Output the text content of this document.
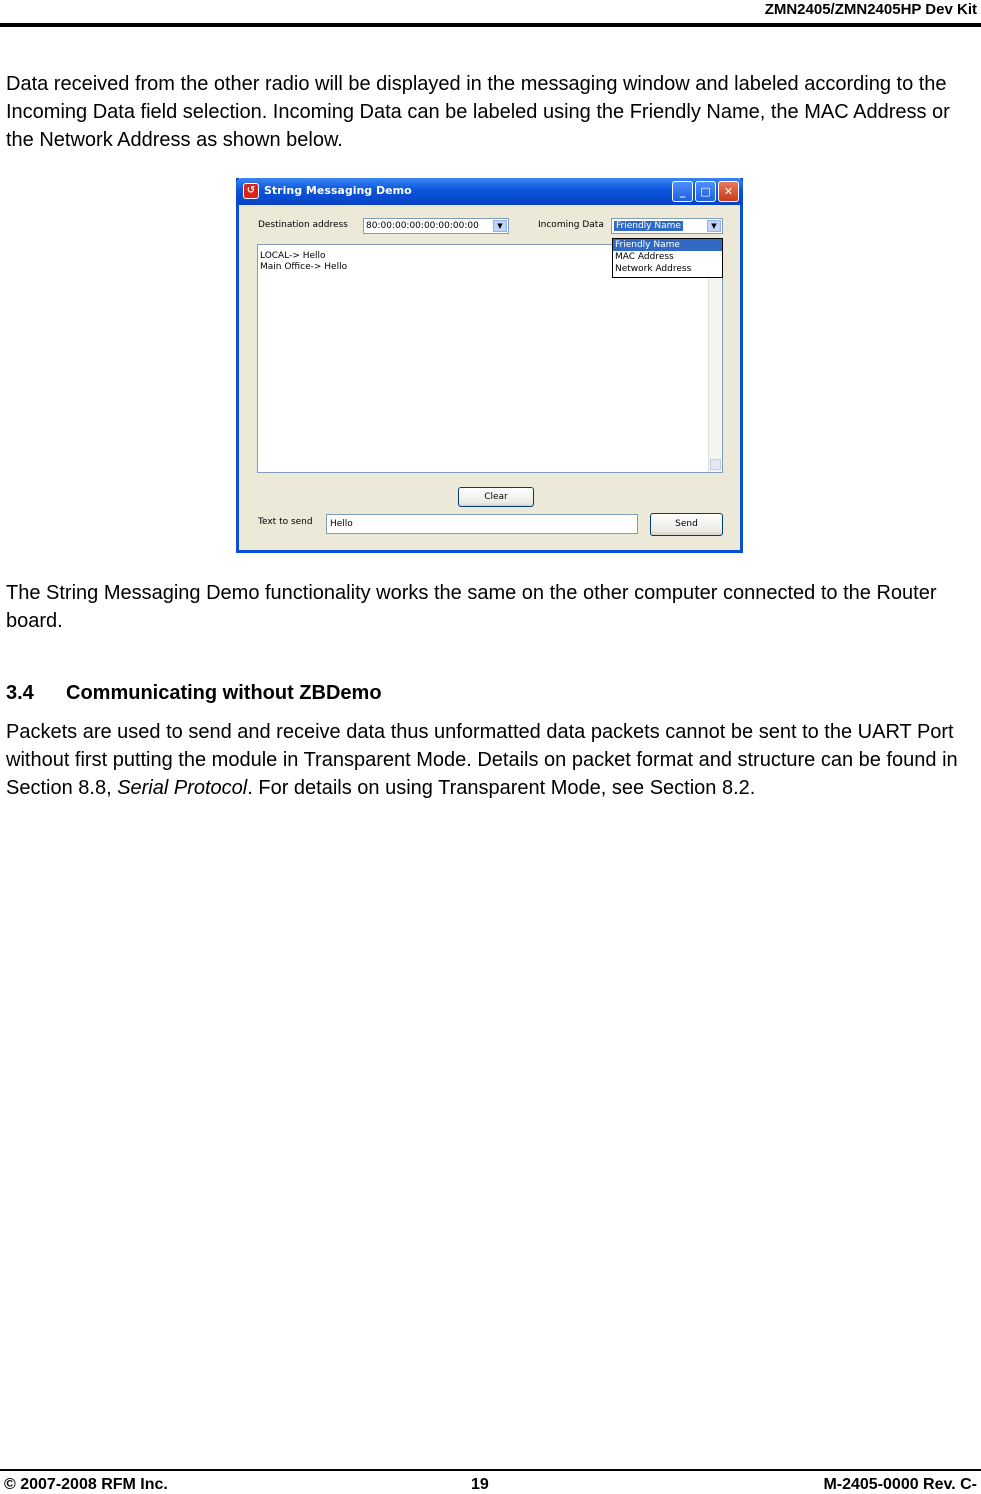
ZMN2405/ZMN2405HP Dev Kit

Data received from the other radio will be displayed in the messaging window and labeled according to the Incoming Data field selection. Incoming Data can be labeled using the Friendly Name, the MAC Address or the Network Address as shown below.

↺ String Messaging Demo	_	□	✕
Destination address	80:00:00:00:00:00:00:00	▼	Incoming Data	Friendly Name	▼
LOCAL-> Hello
Main Office-> Hello
Friendly Name
MAC Address
Network Address
Clear
Text to send	Hello	Send

The String Messaging Demo functionality works the same on the other computer connected to the Router board.

3.4 Communicating without ZBDemo

Packets are used to send and receive data thus unformatted data packets cannot be sent to the UART Port without first putting the module in Transparent Mode. Details on packet format and structure can be found in Section 8.8, Serial Protocol. For details on using Transparent Mode, see Section 8.2.

© 2007-2008 RFM Inc.	19	M-2405-0000 Rev. C-
